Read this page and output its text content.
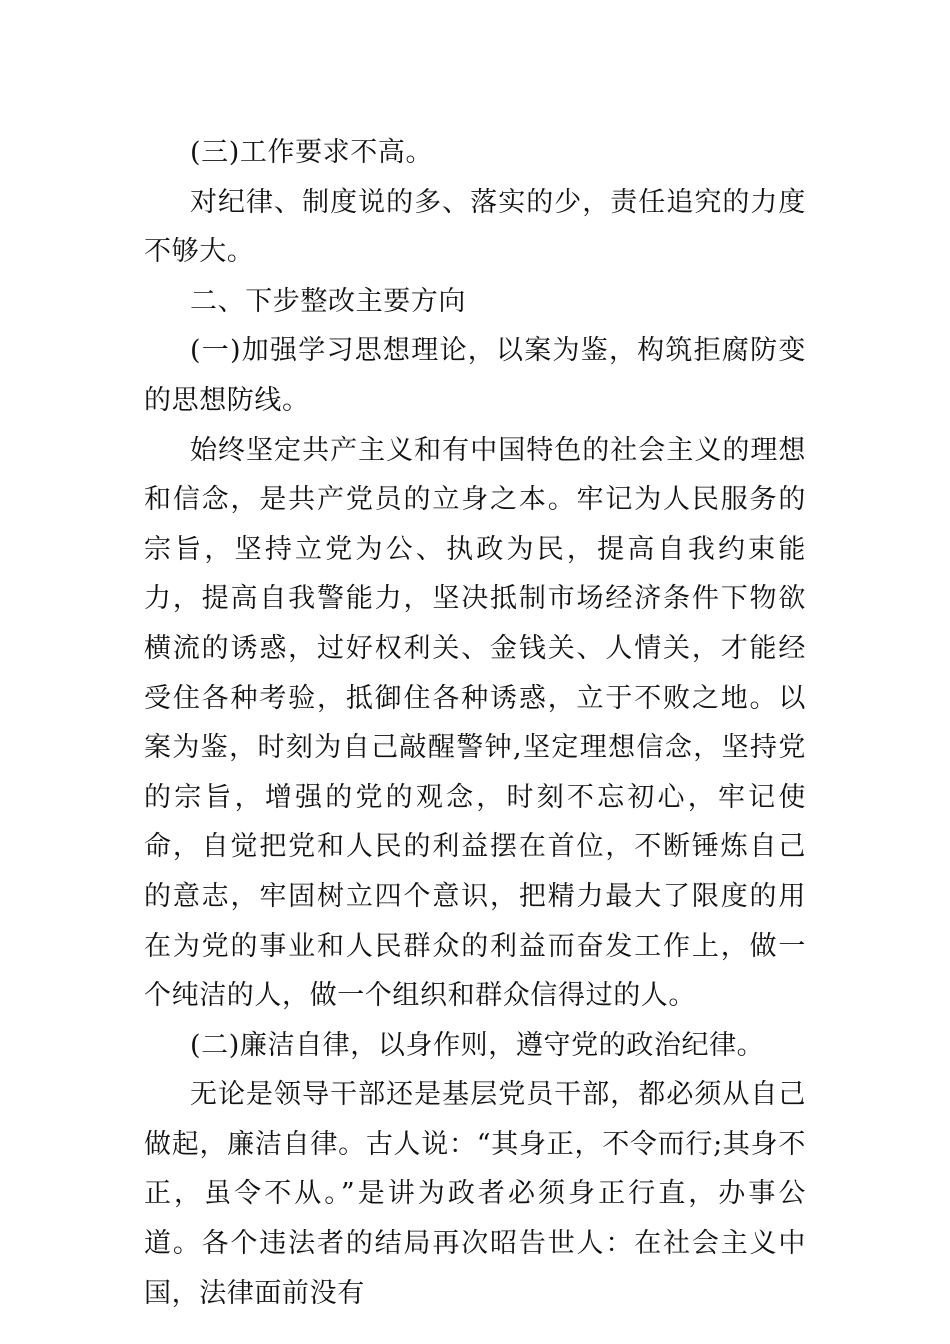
(三)工作要求不高。

对纪律、制度说的多、落实的少，责任追究的力度不够大。

二、下步整改主要方向

(一)加强学习思想理论，以案为鉴，构筑拒腐防变的思想防线。

始终坚定共产主义和有中国特色的社会主义的理想和信念，是共产党员的立身之本。牢记为人民服务的宗旨，坚持立党为公、执政为民，提高自我约束能力，提高自我警能力，坚决抵制市场经济条件下物欲横流的诱惑，过好权利关、金钱关、人情关，才能经受住各种考验，抵御住各种诱惑，立于不败之地。以案为鉴，时刻为自己敲醒警钟,坚定理想信念，坚持党的宗旨，增强的党的观念，时刻不忘初心，牢记使命，自觉把党和人民的利益摆在首位，不断锤炼自己的意志，牢固树立四个意识，把精力最大了限度的用在为党的事业和人民群众的利益而奋发工作上，做一个纯洁的人，做一个组织和群众信得过的人。

(二)廉洁自律，以身作则，遵守党的政治纪律。

无论是领导干部还是基层党员干部，都必须从自己做起，廉洁自律。古人说：“其身正，不令而行;其身不正，虽令不从。”是讲为政者必须身正行直，办事公道。各个违法者的结局再次昭告世人：在社会主义中国，法律面前没有
